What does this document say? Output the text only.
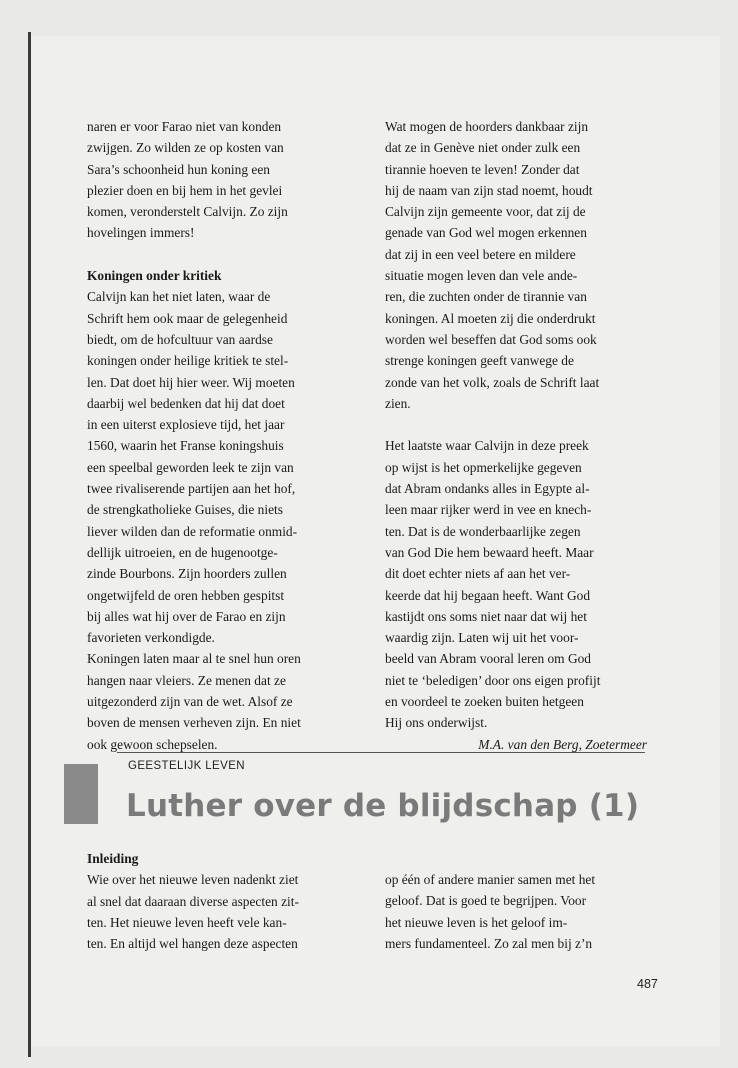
naren er voor Farao niet van konden
zwijgen. Zo wilden ze op kosten van
Sara’s schoonheid hun koning een
plezier doen en bij hem in het gevlei
komen, veronderstelt Calvijn. Zo zijn
hovelingen immers!
Koningen onder kritiek
Calvijn kan het niet laten, waar de
Schrift hem ook maar de gelegenheid
biedt, om de hofcultuur van aardse
koningen onder heilige kritiek te stel-
len. Dat doet hij hier weer. Wij moeten
daarbij wel bedenken dat hij dat doet
in een uiterst explosieve tijd, het jaar
1560, waarin het Franse koningshuis
een speelbal geworden leek te zijn van
twee rivaliserende partijen aan het hof,
de strengkatholieke Guises, die niets
liever wilden dan de reformatie onmid-
dellijk uitroeien, en de hugenootge-
zinde Bourbons. Zijn hoorders zullen
ongetwijfeld de oren hebben gespitst
bij alles wat hij over de Farao en zijn
favorieten verkondigde.
Koningen laten maar al te snel hun oren
hangen naar vleiers. Ze menen dat ze
uitgezonderd zijn van de wet. Alsof ze
boven de mensen verheven zijn. En niet
ook gewoon schepselen.
Wat mogen de hoorders dankbaar zijn
dat ze in Genève niet onder zulk een
tirannie hoeven te leven! Zonder dat
hij de naam van zijn stad noemt, houdt
Calvijn zijn gemeente voor, dat zij de
genade van God wel mogen erkennen
dat zij in een veel betere en mildere
situatie mogen leven dan vele ande-
ren, die zuchten onder de tirannie van
koningen. Al moeten zij die onderdrukt
worden wel beseffen dat God soms ook
strenge koningen geeft vanwege de
zonde van het volk, zoals de Schrift laat
zien.
Het laatste waar Calvijn in deze preek
op wijst is het opmerkelijke gegeven
dat Abram ondanks alles in Egypte al-
leen maar rijker werd in vee en knech-
ten. Dat is de wonderbaarlijke zegen
van God Die hem bewaard heeft. Maar
dit doet echter niets af aan het ver-
keerde dat hij begaan heeft. Want God
kastijdt ons soms niet naar dat wij het
waardig zijn. Laten wij uit het voor-
beeld van Abram vooral leren om God
niet te ‘beledigen’ door ons eigen profijt
en voordeel te zoeken buiten hetgeen
Hij ons onderwijst.
M.A. van den Berg, Zoetermeer
GEESTELIJK LEVEN
Luther over de blijdschap (1)
Inleiding
Wie over het nieuwe leven nadenkt ziet
al snel dat daaraan diverse aspecten zit-
ten. Het nieuwe leven heeft vele kan-
ten. En altijd wel hangen deze aspecten
op één of andere manier samen met het
geloof. Dat is goed te begrijpen. Voor
het nieuwe leven is het geloof im-
mers fundamenteel. Zo zal men bij z’n
487
